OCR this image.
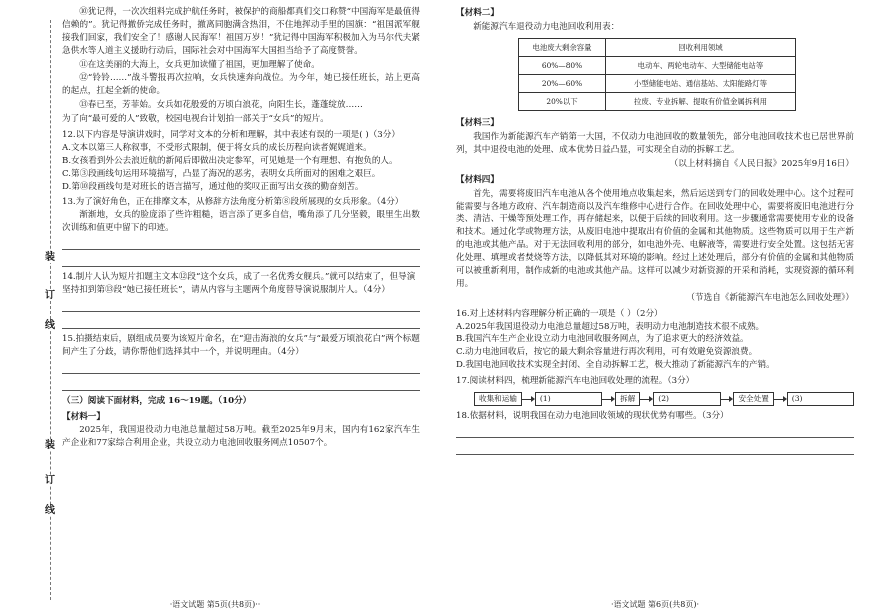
装
订
线
装
订
线

⑩犹记得，一次次组料完成护航任务时，被保护的商船都真们交口称赞“中国海军是最值得信赖的”。犹记得撤侨完成任务时，撤离同胞满含热泪，不住地挥动手里的国旗：“祖国派军舰接我们回家，我们安全了！感谢人民海军！祖国万岁！”犹记得中国海军积极加入为马尔代夫紧急供水等人道主义援助行动后，国际社会对中国海军大国担当给予了高度赞誉。

⑪在这美丽的大海上，女兵更加读懂了祖国，更加理解了使命。

⑫“铃铃……”战斗警报再次拉响，女兵快速奔向战位。为今年，她已接任班长，站上更高的起点，扛起全新的使命。

⑬春已至，芳菲始。女兵如花般爱的万顷白浪花，向阳生长，蓬蓬绽放……

为了向“最可爱的人”致敬，校园电视台计划拍一部关于“女兵”的短片。

12.以下内容是导演讲戏时，同学对文本的分析和理解，其中表述有误的一项是( )（3分）

A.文本以第三人称叙事，不受形式限制，便于将女兵的成长历程向读者娓娓道来。

B.女孩看到外公去浪近航的新闻后即做出决定参军，可见她是一个有理想、有抱负的人。

C.第③段画线句运用环境描写，凸显了海况的恶劣，表明女兵所面对的困难之艰巨。

D.第⑩段画线句是对班长的语言描写，通过他的奖叹正面写出女孩的勤奋刻苦。

13.为了演好角色，正在排摩文本，从修辞方法角度分析第⑧段所展现的女兵形象。（4分）

渐渐地，女兵的脸庞添了些许粗糙，语言添了更多自信，嘴角添了几分坚毅，眼里生出数次训练和值更中留下的印迹。

14.制片人认为短片扣题主文本⑫段“这个女兵，成了一名优秀女舰兵。”就可以结束了，但导演坚持扣到第⑬段“她已接任班长”，请从内容与主题两个角度替导演说服制片人。（4分）

15.拍摄结束后，剧组成员要为该短片命名，在“迎击海浪的女兵”与“最爱万顷浪花白”两个标题间产生了分歧，请你帮他们选择其中一个，并说明理由。（4分）

（三）阅读下面材料，完成 16～19题。（10分）

【材料一】

2025年，我国退役动力电池总量超过58万吨。截至2025年9月末，国内有162家汽车生产企业和77家综合利用企业，共设立动力电池回收服务网点10507个。

·语文试题 第5页(共8页)··

【材料二】

新能源汽车退役动力电池回收利用表：

电池废大剩余容量	回收利用领域
60%—80%	电动车、两轮电动车、大型储能电站等
20%—60%	小型储能电站、通信基站、太阳能路灯等
20%以下	拉废、专业拆解、提取有价值金属拆利用

【材料三】

我国作为新能源汽车产销第一大国，不仅动力电池回收的数量领先，部分电池回收技术也已居世界前列，其中退役电池的处理、成本优势日益凸显，可实现全自动的拆解工艺。

（以上材料摘自《人民日报》2025年9月16日）

【材料四】

首先，需要将废旧汽车电池从各个使用地点收集起来，然后运送到专门的回收处理中心。这个过程可能需要与各地方政府、汽车制造商以及汽车维修中心进行合作。在回收处理中心，需要将废旧电池进行分类、清洁、干燥等预处理工作，再存储起来，以便于后续的回收利用。这一步骤通常需要使用专业的设备和技术。通过化学或物理方法，从废旧电池中提取出有价值的金属和其他物质。这些物质可以用于生产新的电池或其他产品。对于无法回收利用的部分，如电池外壳、电解液等，需要进行安全处置。这包括无害化处理、填埋或者焚烧等方法，以降低其对环境的影响。经过上述处理后，部分有价值的金属和其他物质可以被重新利用，制作成新的电池或其他产品。这样可以减少对新资源的开采和消耗，实现资源的循环利用。

（节选自《新能源汽车电池怎么回收处理》）

16.对上述材料内容理解分析正确的一项是（ ）（2分）

A.2025年我国退役动力电池总量超过58万吨，表明动力电池制造技术很不成熟。

B.我国汽车生产企业设立动力电池回收服务网点，为了追求更大的经济效益。

C.动力电池回收后，按它的最大剩余容量进行再次利用，可有效避免资源浪费。

D.我国电池回收技术实现全封闭、全自动拆解工艺，极大推动了新能源汽车的产销。

17.阅读材料四，梳理新能源汽车电池回收处理的流程。（3分）

收集和运输	(1)	拆解	(2)	安全处置	(3)

18.依据材料，说明我国在动力电池回收领域的现状优势有哪些。（3分）

·语文试题 第6页(共8页)·
